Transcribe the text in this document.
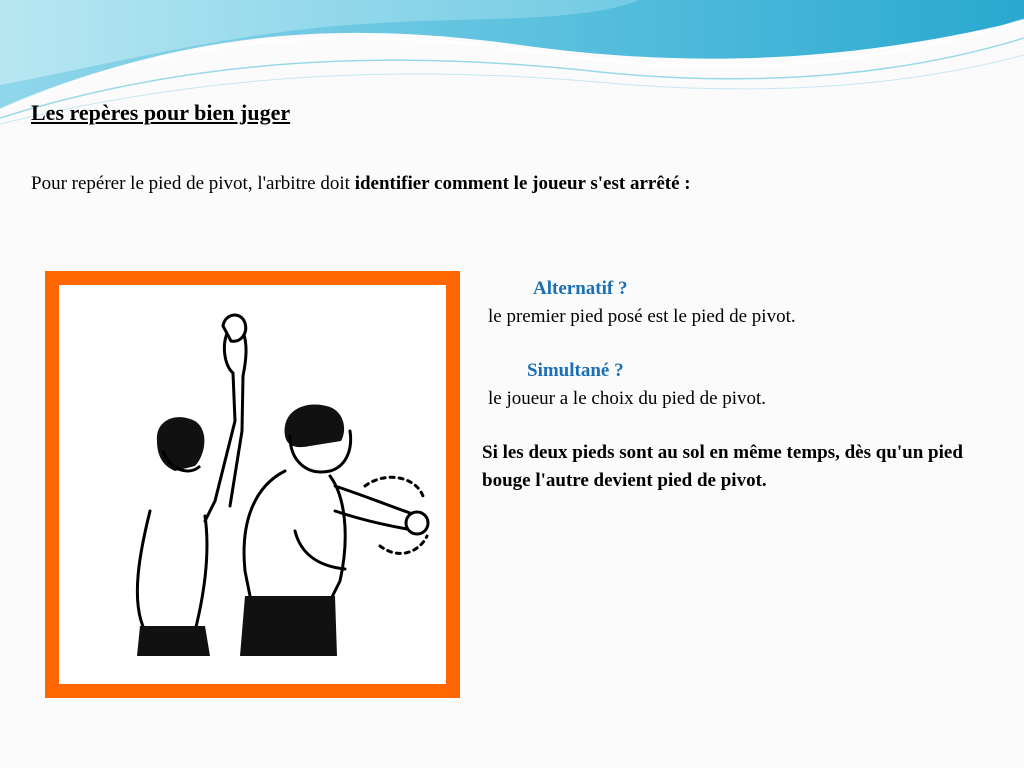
Les repères pour bien juger
Pour repérer le pied de pivot, l'arbitre doit identifier comment le joueur s'est arrêté :
Alternatif ?
le premier pied posé est le pied de pivot.
Simultané ?
le joueur a le choix du pied de pivot.
Si les deux pieds sont au sol en même temps, dès qu'un pied bouge l'autre devient pied de pivot.
